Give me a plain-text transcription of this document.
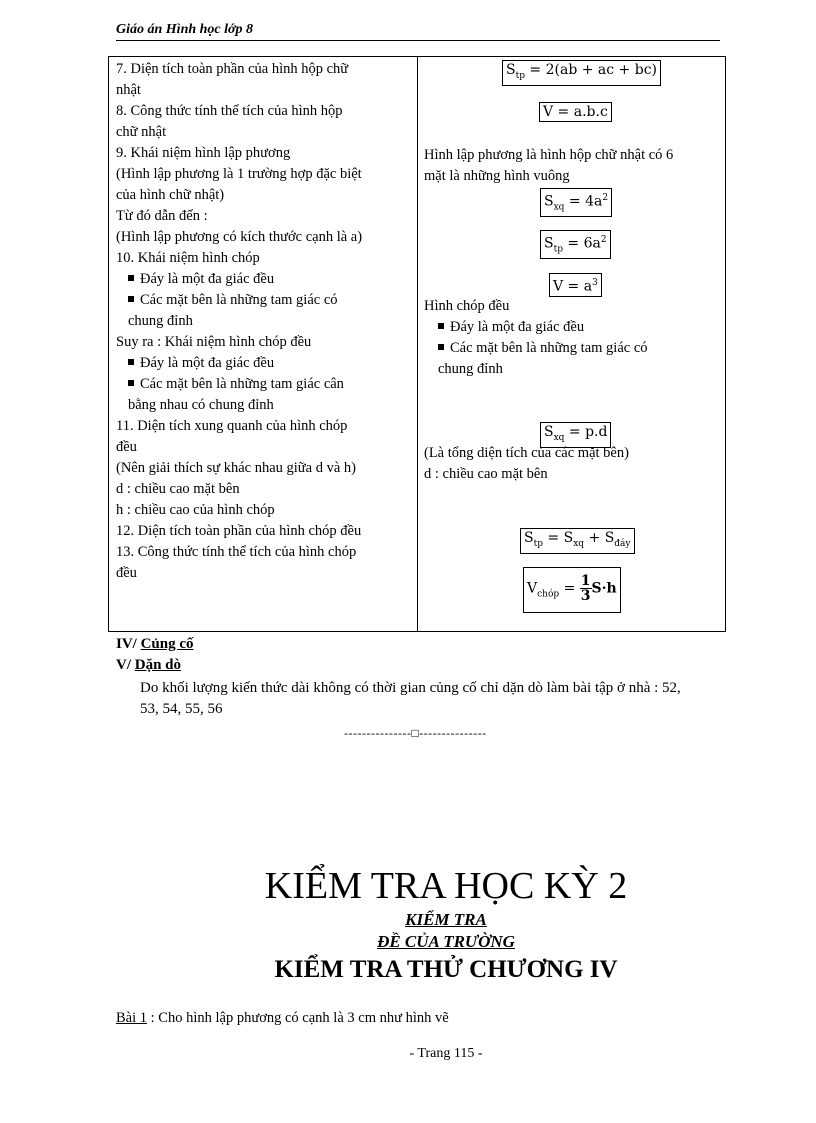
Giáo án Hình học lớp 8
7. Diện tích toàn phần của hình hộp chữ
nhật
8. Công thức tính thể tích của hình hộp
chữ nhật
9. Khái niệm hình lập phương
(Hình lập phương là 1 trường hợp đặc biệt
của hình chữ nhật)
Từ đó dẫn đến :
(Hình lập phương có kích thước cạnh là a)
10. Khái niệm hình chóp
Đáy là một đa giác đều
Các mặt bên là những tam giác có
chung đỉnh
Suy ra : Khái niệm hình chóp đều
Đáy là một đa giác đều
Các mặt bên là những tam giác cân
bằng nhau có chung đỉnh
11. Diện tích xung quanh của hình chóp
đều
(Nên giải thích sự khác nhau giữa d và h)
d : chiều cao mặt bên
h : chiều cao của hình chóp
12. Diện tích toàn phần của hình chóp đều
13. Công thức tính thể tích của hình chóp
đều
$S_{tp} = 2(ab$ + ac + bc)
V = a.b.c
Hình lập phương là hình hộp chữ nhật có 6
mặt là những hình vuông
$S_{xq} = 4a^2$
$S_{tp} = 6a^2$
$V = a^3$
Hình chóp đều
Đáy là một đa giác đều
Các mặt bên là những tam giác có
chung đỉnh
$S_{xq} = p.d$
(Là tổng diện tích của các mặt bên)
d : chiều cao mặt bên
$S_{tp} = S_{xq} + S_{đáy}$
$V_{chóp} = \frac{1}{3} S\cdot h$
IV/ Củng cố
V/ Dặn dò
Do khối lượng kiến thức dài không có thời gian củng cố chỉ dặn dò làm bài tập ở nhà : 52,
53, 54, 55, 56
---------------□---------------
KIỂM TRA HỌC KỲ 2
KIỂM TRA
ĐỀ CỦA TRƯỜNG
KIỂM TRA THỬ CHƯƠNG IV
Bài 1 : Cho hình lập phương có cạnh là 3 cm như hình vẽ
- Trang 115 -
